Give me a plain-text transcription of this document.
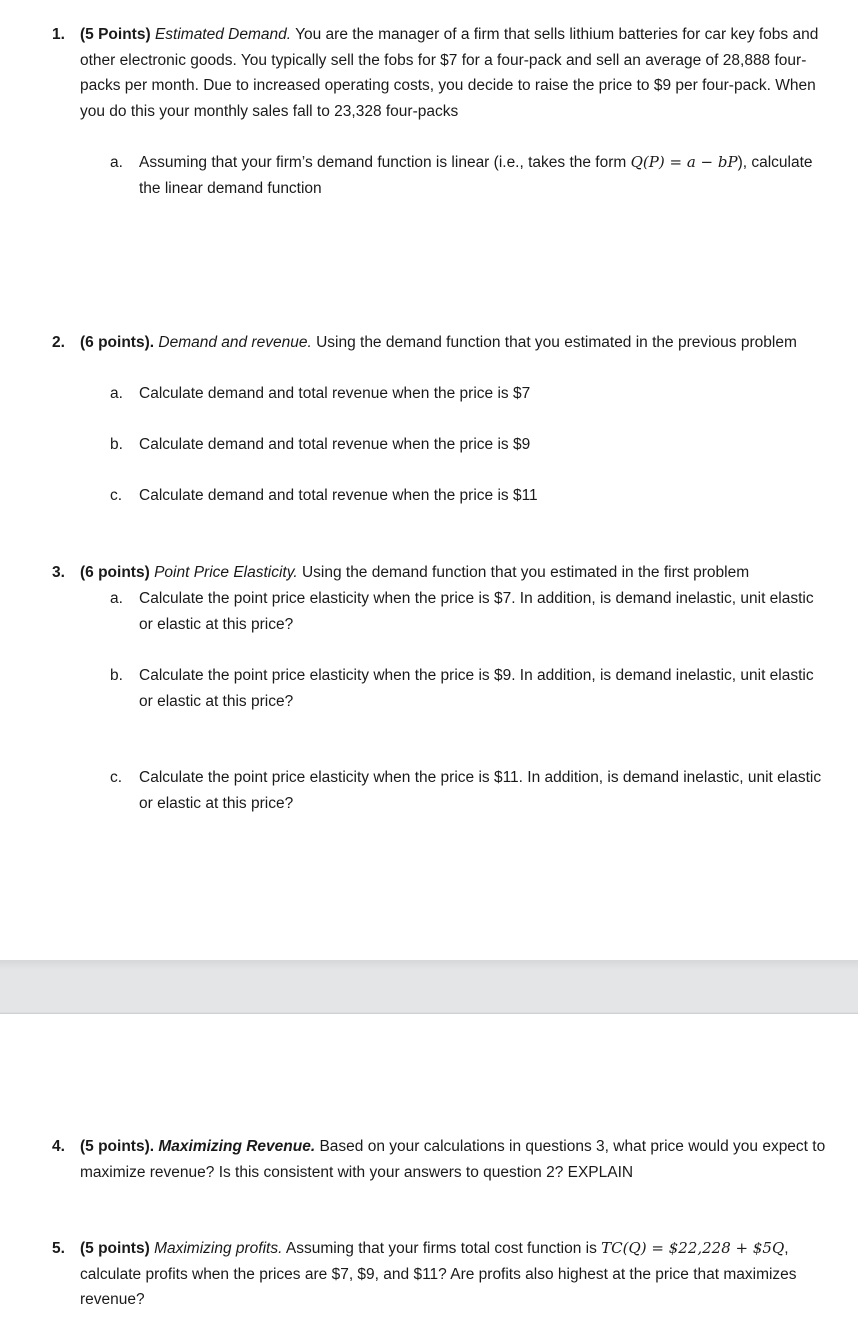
1. (5 Points) Estimated Demand. You are the manager of a firm that sells lithium batteries for car key fobs and other electronic goods. You typically sell the fobs for $7 for a four-pack and sell an average of 28,888 four-packs per month. Due to increased operating costs, you decide to raise the price to $9 per four-pack. When you do this your monthly sales fall to 23,328 four-packs
a. Assuming that your firm’s demand function is linear (i.e., takes the form Q(P) = a − bP), calculate the linear demand function
2. (6 points). Demand and revenue. Using the demand function that you estimated in the previous problem
a. Calculate demand and total revenue when the price is $7
b. Calculate demand and total revenue when the price is $9
c. Calculate demand and total revenue when the price is $11
3. (6 points) Point Price Elasticity. Using the demand function that you estimated in the first problem
a. Calculate the point price elasticity when the price is $7. In addition, is demand inelastic, unit elastic or elastic at this price?
b. Calculate the point price elasticity when the price is $9. In addition, is demand inelastic, unit elastic or elastic at this price?
c. Calculate the point price elasticity when the price is $11. In addition, is demand inelastic, unit elastic or elastic at this price?
4. (5 points). Maximizing Revenue. Based on your calculations in questions 3, what price would you expect to maximize revenue? Is this consistent with your answers to question 2? EXPLAIN
5. (5 points) Maximizing profits. Assuming that your firms total cost function is TC(Q) = $22,228 + $5Q, calculate profits when the prices are $7, $9, and $11? Are profits also highest at the price that maximizes revenue?
